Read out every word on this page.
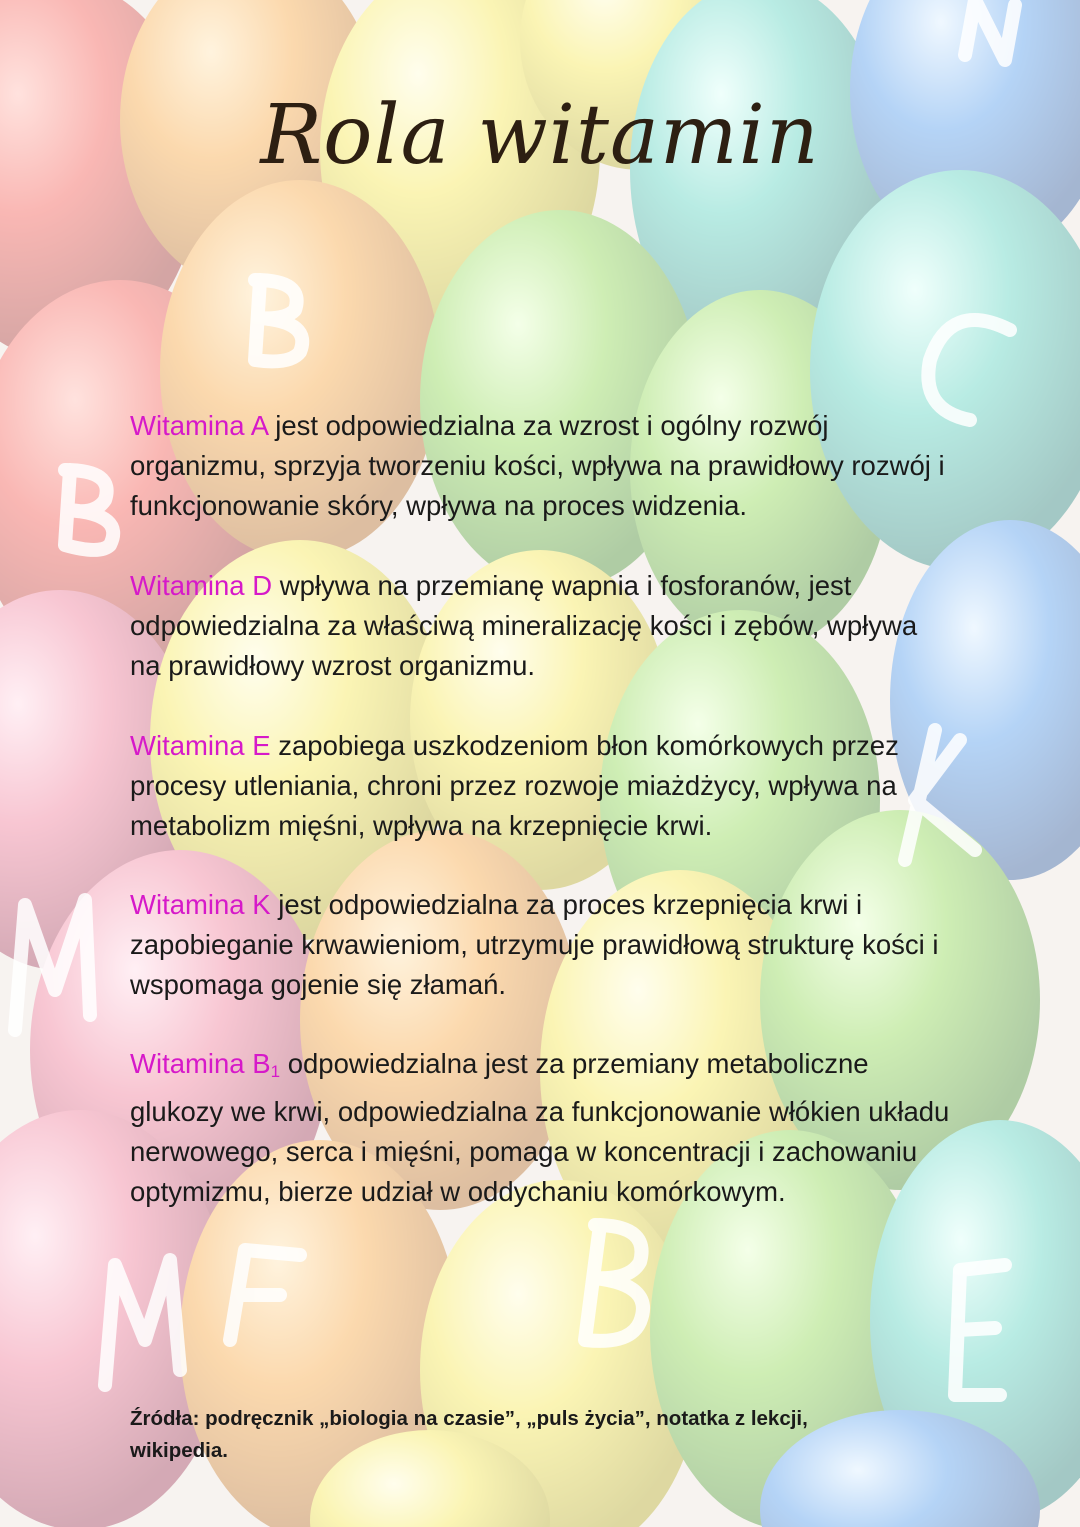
Rola witamin

Witamina A jest odpowiedzialna za wzrost i ogólny rozwój organizmu, sprzyja tworzeniu kości, wpływa na prawidłowy rozwój i funkcjonowanie skóry, wpływa na proces widzenia.

Witamina D wpływa na przemianę wapnia i fosforanów, jest odpowiedzialna za właściwą mineralizację kości i zębów, wpływa na prawidłowy wzrost organizmu.

Witamina E zapobiega uszkodzeniom błon komórkowych przez procesy utleniania, chroni przez rozwoje miażdżycy, wpływa na metabolizm mięśni, wpływa na krzepnięcie krwi.

Witamina K jest odpowiedzialna za proces krzepnięcia krwi i zapobieganie krwawieniom, utrzymuje prawidłową strukturę kości i wspomaga gojenie się złamań.

Witamina $B_1$ odpowiedzialna jest za przemiany metaboliczne glukozy we krwi, odpowiedzialna za funkcjonowanie włókien układu nerwowego, serca i mięśni, pomaga w koncentracji i zachowaniu optymizmu, bierze udział w oddychaniu komórkowym.

Źródła: podręcznik „biologia na czasie”, „puls życia”, notatka z lekcji, wikipedia.
